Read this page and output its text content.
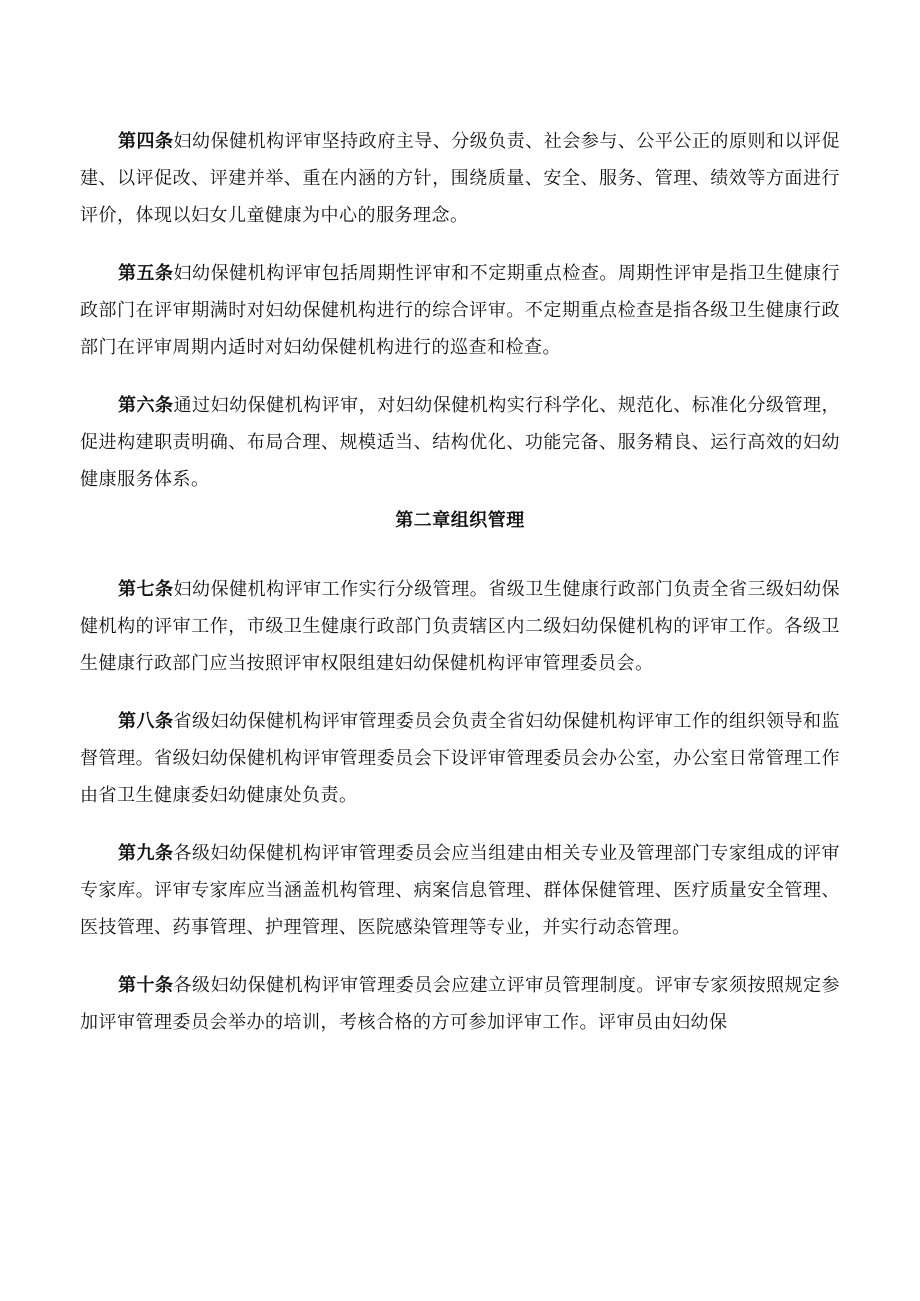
第四条妇幼保健机构评审坚持政府主导、分级负责、社会参与、公平公正的原则和以评促建、以评促改、评建并举、重在内涵的方针，围绕质量、安全、服务、管理、绩效等方面进行评价，体现以妇女儿童健康为中心的服务理念。

第五条妇幼保健机构评审包括周期性评审和不定期重点检查。周期性评审是指卫生健康行政部门在评审期满时对妇幼保健机构进行的综合评审。不定期重点检查是指各级卫生健康行政部门在评审周期内适时对妇幼保健机构进行的巡查和检查。

第六条通过妇幼保健机构评审，对妇幼保健机构实行科学化、规范化、标准化分级管理，促进构建职责明确、布局合理、规模适当、结构优化、功能完备、服务精良、运行高效的妇幼健康服务体系。

第二章组织管理

第七条妇幼保健机构评审工作实行分级管理。省级卫生健康行政部门负责全省三级妇幼保健机构的评审工作，市级卫生健康行政部门负责辖区内二级妇幼保健机构的评审工作。各级卫生健康行政部门应当按照评审权限组建妇幼保健机构评审管理委员会。

第八条省级妇幼保健机构评审管理委员会负责全省妇幼保健机构评审工作的组织领导和监督管理。省级妇幼保健机构评审管理委员会下设评审管理委员会办公室，办公室日常管理工作由省卫生健康委妇幼健康处负责。

第九条各级妇幼保健机构评审管理委员会应当组建由相关专业及管理部门专家组成的评审专家库。评审专家库应当涵盖机构管理、病案信息管理、群体保健管理、医疗质量安全管理、医技管理、药事管理、护理管理、医院感染管理等专业，并实行动态管理。

第十条各级妇幼保健机构评审管理委员会应建立评审员管理制度。评审专家须按照规定参加评审管理委员会举办的培训，考核合格的方可参加评审工作。评审员由妇幼保
